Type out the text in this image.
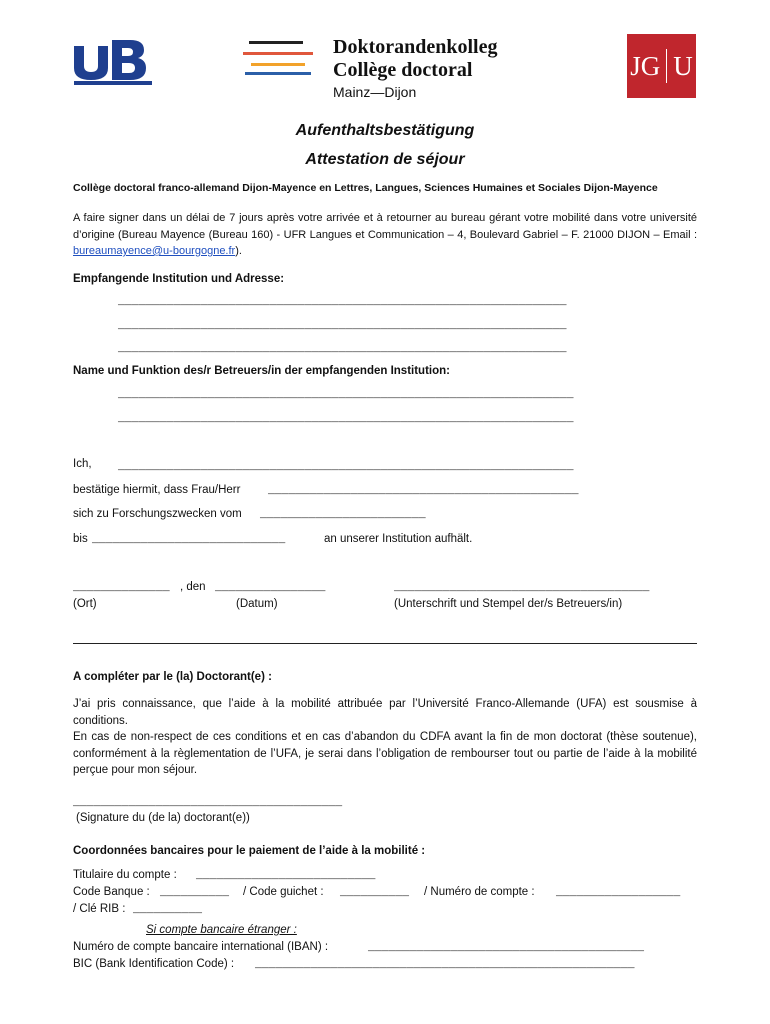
Doktorandenkolleg
Collège doctoral
Mainz—Dijon
JG U
Aufenthaltsbestätigung
Attestation de séjour
Collège doctoral franco-allemand Dijon-Mayence en Lettres, Langues, Sciences Humaines et Sociales Dijon-Mayence
A faire signer dans un délai de 7 jours après votre arrivée et à retourner au bureau gérant votre mobilité dans votre université d’origine (Bureau Mayence (Bureau 160) - UFR Langues et Communication – 4, Boulevard Gabriel – F. 21000 DIJON – Email : bureaumayence@u-bourgogne.fr).
Empfangende Institution und Adresse:
_________________________________________________________________
_________________________________________________________________
_________________________________________________________________
Name und Funktion des/r Betreuers/in der empfangenden Institution:
__________________________________________________________________
__________________________________________________________________
Ich, __________________________________________________________________
bestätige hiermit, dass Frau/Herr _____________________________________________
sich zu Forschungszwecken vom ________________________
bis ____________________________	an unserer Institution aufhält.
______________ , den ________________	_____________________________________
(Ort)	(Datum)	(Unterschrift und Stempel der/s Betreuers/in)
A compléter par le (la) Doctorant(e) :
J’ai pris connaissance, que l’aide à la mobilité attribuée par l’Université Franco-Allemande (UFA) est sousmise à conditions.
En cas de non-respect de ces conditions et en cas d’abandon du CDFA avant la fin de mon doctorat (thèse soutenue), conformément à la règlementation de l’UFA, je serai dans l’obligation de rembourser tout ou partie de l’aide à la mobilité perçue pour mon séjour.
_______________________________________
(Signature du (de la) doctorant(e))
Coordonnées bancaires pour le paiement de l’aide à la mobilité :
Titulaire du compte : __________________________
Code Banque : __________ / Code guichet : __________ / Numéro de compte : __________________
/ Clé RIB : __________
Si compte bancaire étranger :
Numéro de compte bancaire international (IBAN) :	________________________________________
BIC (Bank Identification Code) : _______________________________________________________
